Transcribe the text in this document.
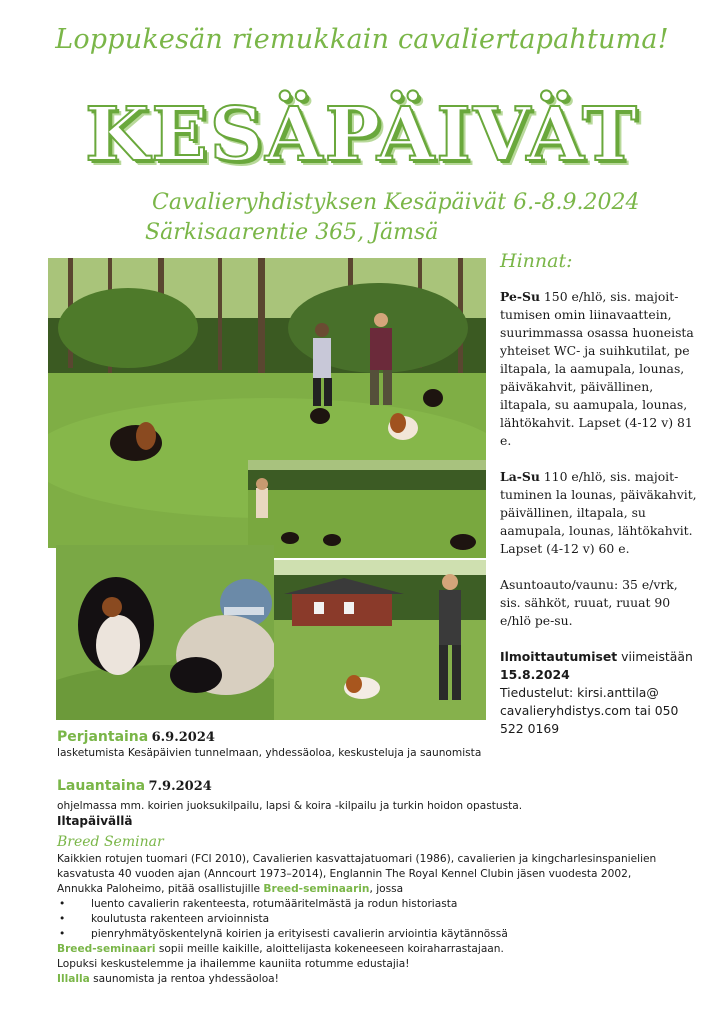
Loppukesän riemukkain cavaliertapahtuma!
KESÄPÄIVÄT
Cavalieryhdistyksen Kesäpäivät 6.-8.9.2024
Särkisaarentie 365, Jämsä
Hinnat:

Pe-Su 150 e/hlö, sis. majoittumisen omin liinavaattein, suurimmassa osassa huoneista yhteiset WC- ja suihkutilat, pe iltapala, la aamupala, lounas, päiväkahvit, päivällinen, iltapala, su aamupala, lounas, lähtökahvit. Lapset (4-12 v) 81 e.

La-Su 110 e/hlö, sis. majoittuminen la lounas, päiväkahvit, päivällinen, iltapala, su aamupala, lounas, lähtökahvit. Lapset (4-12 v) 60 e.

Asuntoauto/vaunu: 35 e/vrk, sis. sähköt, ruuat, ruuat 90 e/hlö pe-su.

Ilmoittautumiset viimeistään
15.8.2024
Tiedustelut: kirsi.anttila@ cavalieryhdistys.com tai 050 522 0169

Perjantaina 6.9.2024

lasketumista Kesäpäivien tunnelmaan, yhdessäoloa, keskusteluja ja saunomista

Lauantaina 7.9.2024

ohjelmassa mm. koirien juoksukilpailu, lapsi & koira -kilpailu ja turkin hoidon opastusta.

Iltapäivällä

Breed Seminar

Kaikkien rotujen tuomari (FCI 2010), Cavalierien kasvattajatuomari (1986), cavalierien ja kingcharlesinspanielien kasvatusta 40 vuoden ajan (Anncourt 1973–2014), Englannin The Royal Kennel Clubin jäsen vuodesta 2002, Annukka Paloheimo, pitää osallistujille Breed-seminaarin, jossa

• luento cavalierin rakenteesta, rotumääritelmästä ja rodun historiasta
• koulutusta rakenteen arvioinnista
• pienryhmätyöskentelynä koirien ja erityisesti cavalierin arviointia käytännössä

Breed-seminaari sopii meille kaikille, aloittelijasta kokeneeseen koiraharrastajaan.

Lopuksi keskustelemme ja ihailemme kauniita rotumme edustajia!

Illalla saunomista ja rentoa yhdessäoloa!
